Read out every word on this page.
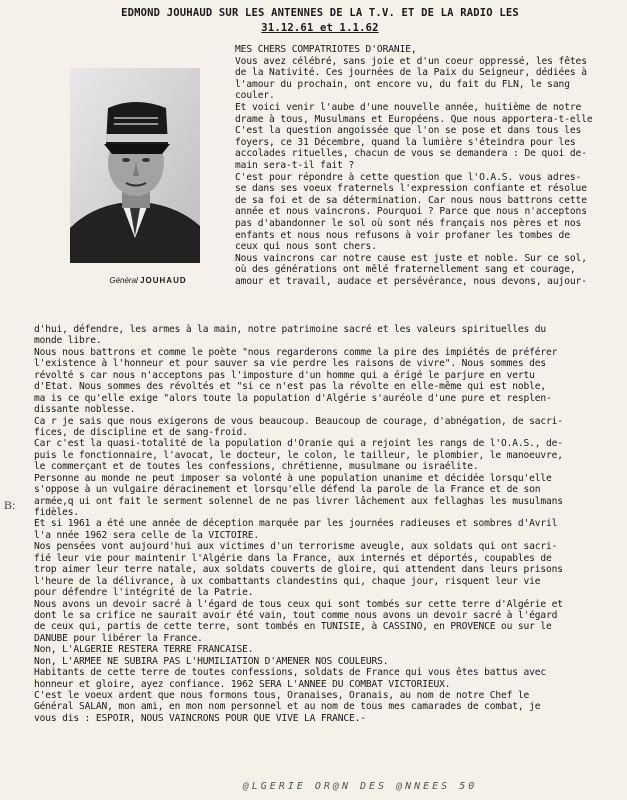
EDMOND JOUHAUD SUR LES ANTENNES DE LA T.V. ET DE LA RADIO LES
31.12.61 et 1.1.62
Général JOUHAUD
MES CHERS COMPATRIOTES D'ORANIE,
Vous avez célébré, sans joie et d'un coeur oppressé, les fêtes
de la Nativité. Ces journées de la Paix du Seigneur, dédiées à
l'amour du prochain, ont encore vu, du fait du FLN, le sang
couler.
Et voici venir l'aube d'une nouvelle année, huitième de notre
drame à tous, Musulmans et Européens. Que nous apportera-t-elle
C'est la question angoissée que l'on se pose et dans tous les
foyers, ce 31 Décembre, quand la lumière s'éteindra pour les
accolades rituelles, chacun de vous se demandera : De quoi de-
main sera-t-il fait ?
C'est pour répondre à cette question que l'O.A.S. vous adres-
se dans ses voeux fraternels l'expression confiante et résolue
de sa foi et de sa détermination. Car nous nous battrons cette
année et nous vaincrons. Pourquoi ? Parce que nous n'acceptons
pas d'abandonner le sol où sont nés français nos pères et nos
enfants et nous nous refusons à voir profaner les tombes de
ceux qui nous sont chers.
Nous vaincrons car notre cause est juste et noble. Sur ce sol,
où des générations ont mêlé fraternellement sang et courage,
amour et travail, audace et persévérance, nous devons, aujour-
d'hui, défendre, les armes à la main, notre patrimoine sacré et les valeurs spirituelles du
monde libre.
Nous nous battrons et comme le poète "nous regarderons comme la pire des impiétés de préférer
l'existence à l'honneur et pour sauver sa vie perdre les raisons de vivre". Nous sommes des
révolté s car nous n'acceptons pas l'imposture d'un homme qui a érigé le parjure en vertu
d'Etat. Nous sommes des révoltés et "si ce n'est pas la révolte en elle-même qui est noble,
ma is ce qu'elle exige "alors toute la population d'Algérie s'auréole d'une pure et resplen-
dissante noblesse.
Ca r je sais que nous exigerons de vous beaucoup. Beaucoup de courage, d'abnégation, de sacri-
fices, de discipline et de sang-froid.
Car c'est la quasi-totalité de la population d'Oranie qui a rejoint les rangs de l'O.A.S., de-
puis le fonctionnaire, l'avocat, le docteur, le colon, le tailleur, le plombier, le manoeuvre,
le commerçant et de toutes les confessions, chrétienne, musulmane ou israélite.
Personne au monde ne peut imposer sa volonté à une population unanime et décidée lorsqu'elle
s'oppose à un vulgaire déracinement et lorsqu'elle défend la parole de la France et de son
armée,q ui ont fait le serment solennel de ne pas livrer lâchement aux fellaghas les musulmans
fidèles.
Et si 1961 a été une année de déception marquée par les journées radieuses et sombres d'Avril
l'a nnée 1962 sera celle de la VICTOIRE.
Nos pensées vont aujourd'hui aux victimes d'un terrorisme aveugle, aux soldats qui ont sacri-
fié leur vie pour maintenir l'Algérie dans la France, aux internés et déportés, coupables de
trop aimer leur terre natale, aux soldats couverts de gloire, qui attendent dans leurs prisons
l'heure de la délivrance, à ux combattants clandestins qui, chaque jour, risquent leur vie
pour défendre l'intégrité de la Patrie.
Nous avons un devoir sacré à l'égard de tous ceux qui sont tombés sur cette terre d'Algérie et
dont le sa crifice ne saurait avoir été vain, tout comme nous avons un devoir sacré à l'égard
de ceux qui, partis de cette terre, sont tombés en TUNISIE, à CASSINO, en PROVENCE ou sur le
DANUBE pour libérer la France.
Non, L'ALGERIE RESTERA TERRE FRANCAISE.
Non, L'ARMEE NE SUBIRA PAS L'HUMILIATION D'AMENER NOS COULEURS.
Habitants de cette terre de toutes confessions, soldats de France qui vous êtes battus avec
honneur et gloire, ayez confiance. 1962 SERA L'ANNEE DU COMBAT VICTORIEUX.
C'est le voeux ardent que nous formons tous, Oranaises, Oranais, au nom de notre Chef le
Général SALAN, mon ami, en mon nom personnel et au nom de tous mes camarades de combat, je
vous dis : ESPOIR, NOUS VAINCRONS POUR QUE VIVE LA FRANCE.-
B:
@LGERIE OR@N DES @NNEES 50
